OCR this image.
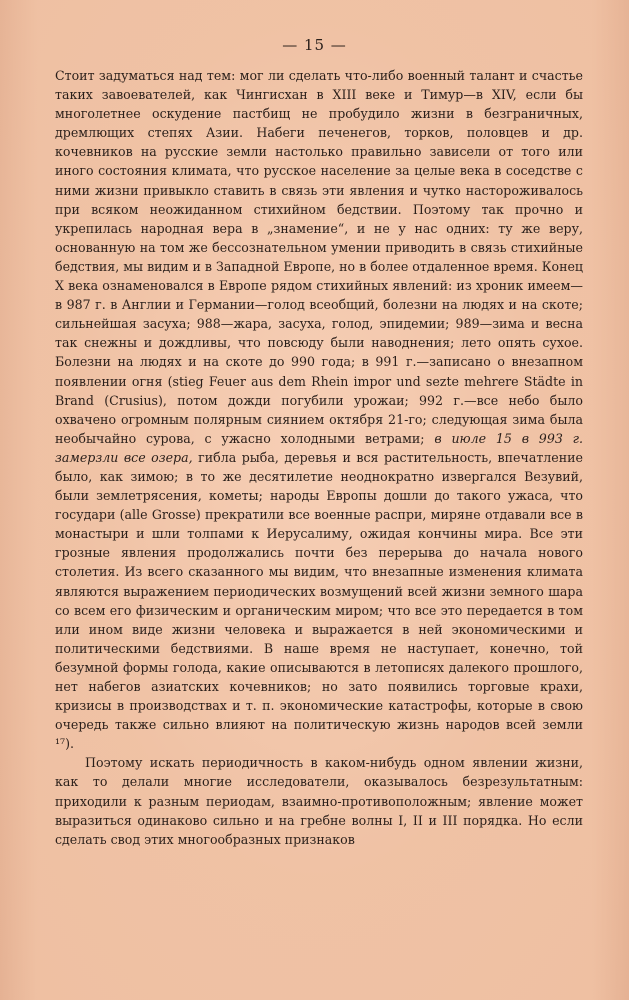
— 15 —

Стоит задуматься над тем: мог ли сделать что-либо военный талант и счастье таких завоевателей, как Чингисхан в XIII веке и Тимур—в XIV, если бы многолетнее оскудение пастбищ не пробудило жизни в безграничных, дремлющих степях Азии. Набеги печенегов, торков, половцев и др. кочевников на русские земли настолько правильно зависели от того или иного состояния климата, что русское население за целые века в соседстве с ними жизни привыкло ставить в связь эти явления и чутко настороживалось при всяком неожиданном стихийном бедствии. Поэтому так прочно и укрепилась народная вера в „знамение“, и не у нас одних: ту же веру, основанную на том же бессознательном умении приводить в связь стихийные бедствия, мы видим и в Западной Европе, но в более отдаленное время. Конец X века ознаменовался в Европе рядом стихийных явлений: из хроник имеем—в 987 г. в Англии и Германии—голод всеобщий, болезни на людях и на скоте; сильнейшая засуха; 988—жара, засуха, голод, эпидемии; 989—зима и весна так снежны и дождливы, что повсюду были наводнения; лето опять сухое. Болезни на людях и на скоте до 990 года; в 991 г.—записано о внезапном появлении огня (stieg Feuer aus dem Rhein impor und sezte mehrere Städte in Brand (Crusius), потом дожди погубили урожаи; 992 г.—все небо было охвачено огромным полярным сиянием октября 21-го; следующая зима была необычайно сурова, с ужасно холодными ветрами; в июле 15 в 993 г. замерзли все озера, гибла рыба, деревья и вся растительность, впечатление было, как зимою; в то же десятилетие неоднократно извергался Везувий, были землетрясения, кометы; народы Европы дошли до такого ужаса, что государи (alle Grosse) прекратили все военные распри, миряне отдавали все в монастыри и шли толпами к Иерусалиму, ожидая кончины мира. Все эти грозные явления продолжались почти без перерыва до начала нового столетия. Из всего сказанного мы видим, что внезапные изменения климата являются выражением периодических возмущений всей жизни земного шара со всем его физическим и органическим миром; что все это передается в том или ином виде жизни человека и выражается в ней экономическими и политическими бедствиями. В наше время не наступает, конечно, той безумной формы голода, какие описываются в летописях далекого прошлого, нет набегов азиатских кочевников; но зато появились торговые крахи, кризисы в производствах и т. п. экономические катастрофы, которые в свою очередь также сильно влияют на политическую жизнь народов всей земли ¹⁷).

Поэтому искать периодичность в каком-нибудь одном явлении жизни, как то делали многие исследователи, оказывалось безрезультатным: приходили к разным периодам, взаимно-противоположным; явление может выразиться одинаково сильно и на гребне волны I, II и III порядка. Но если сделать свод этих многообразных признаков
